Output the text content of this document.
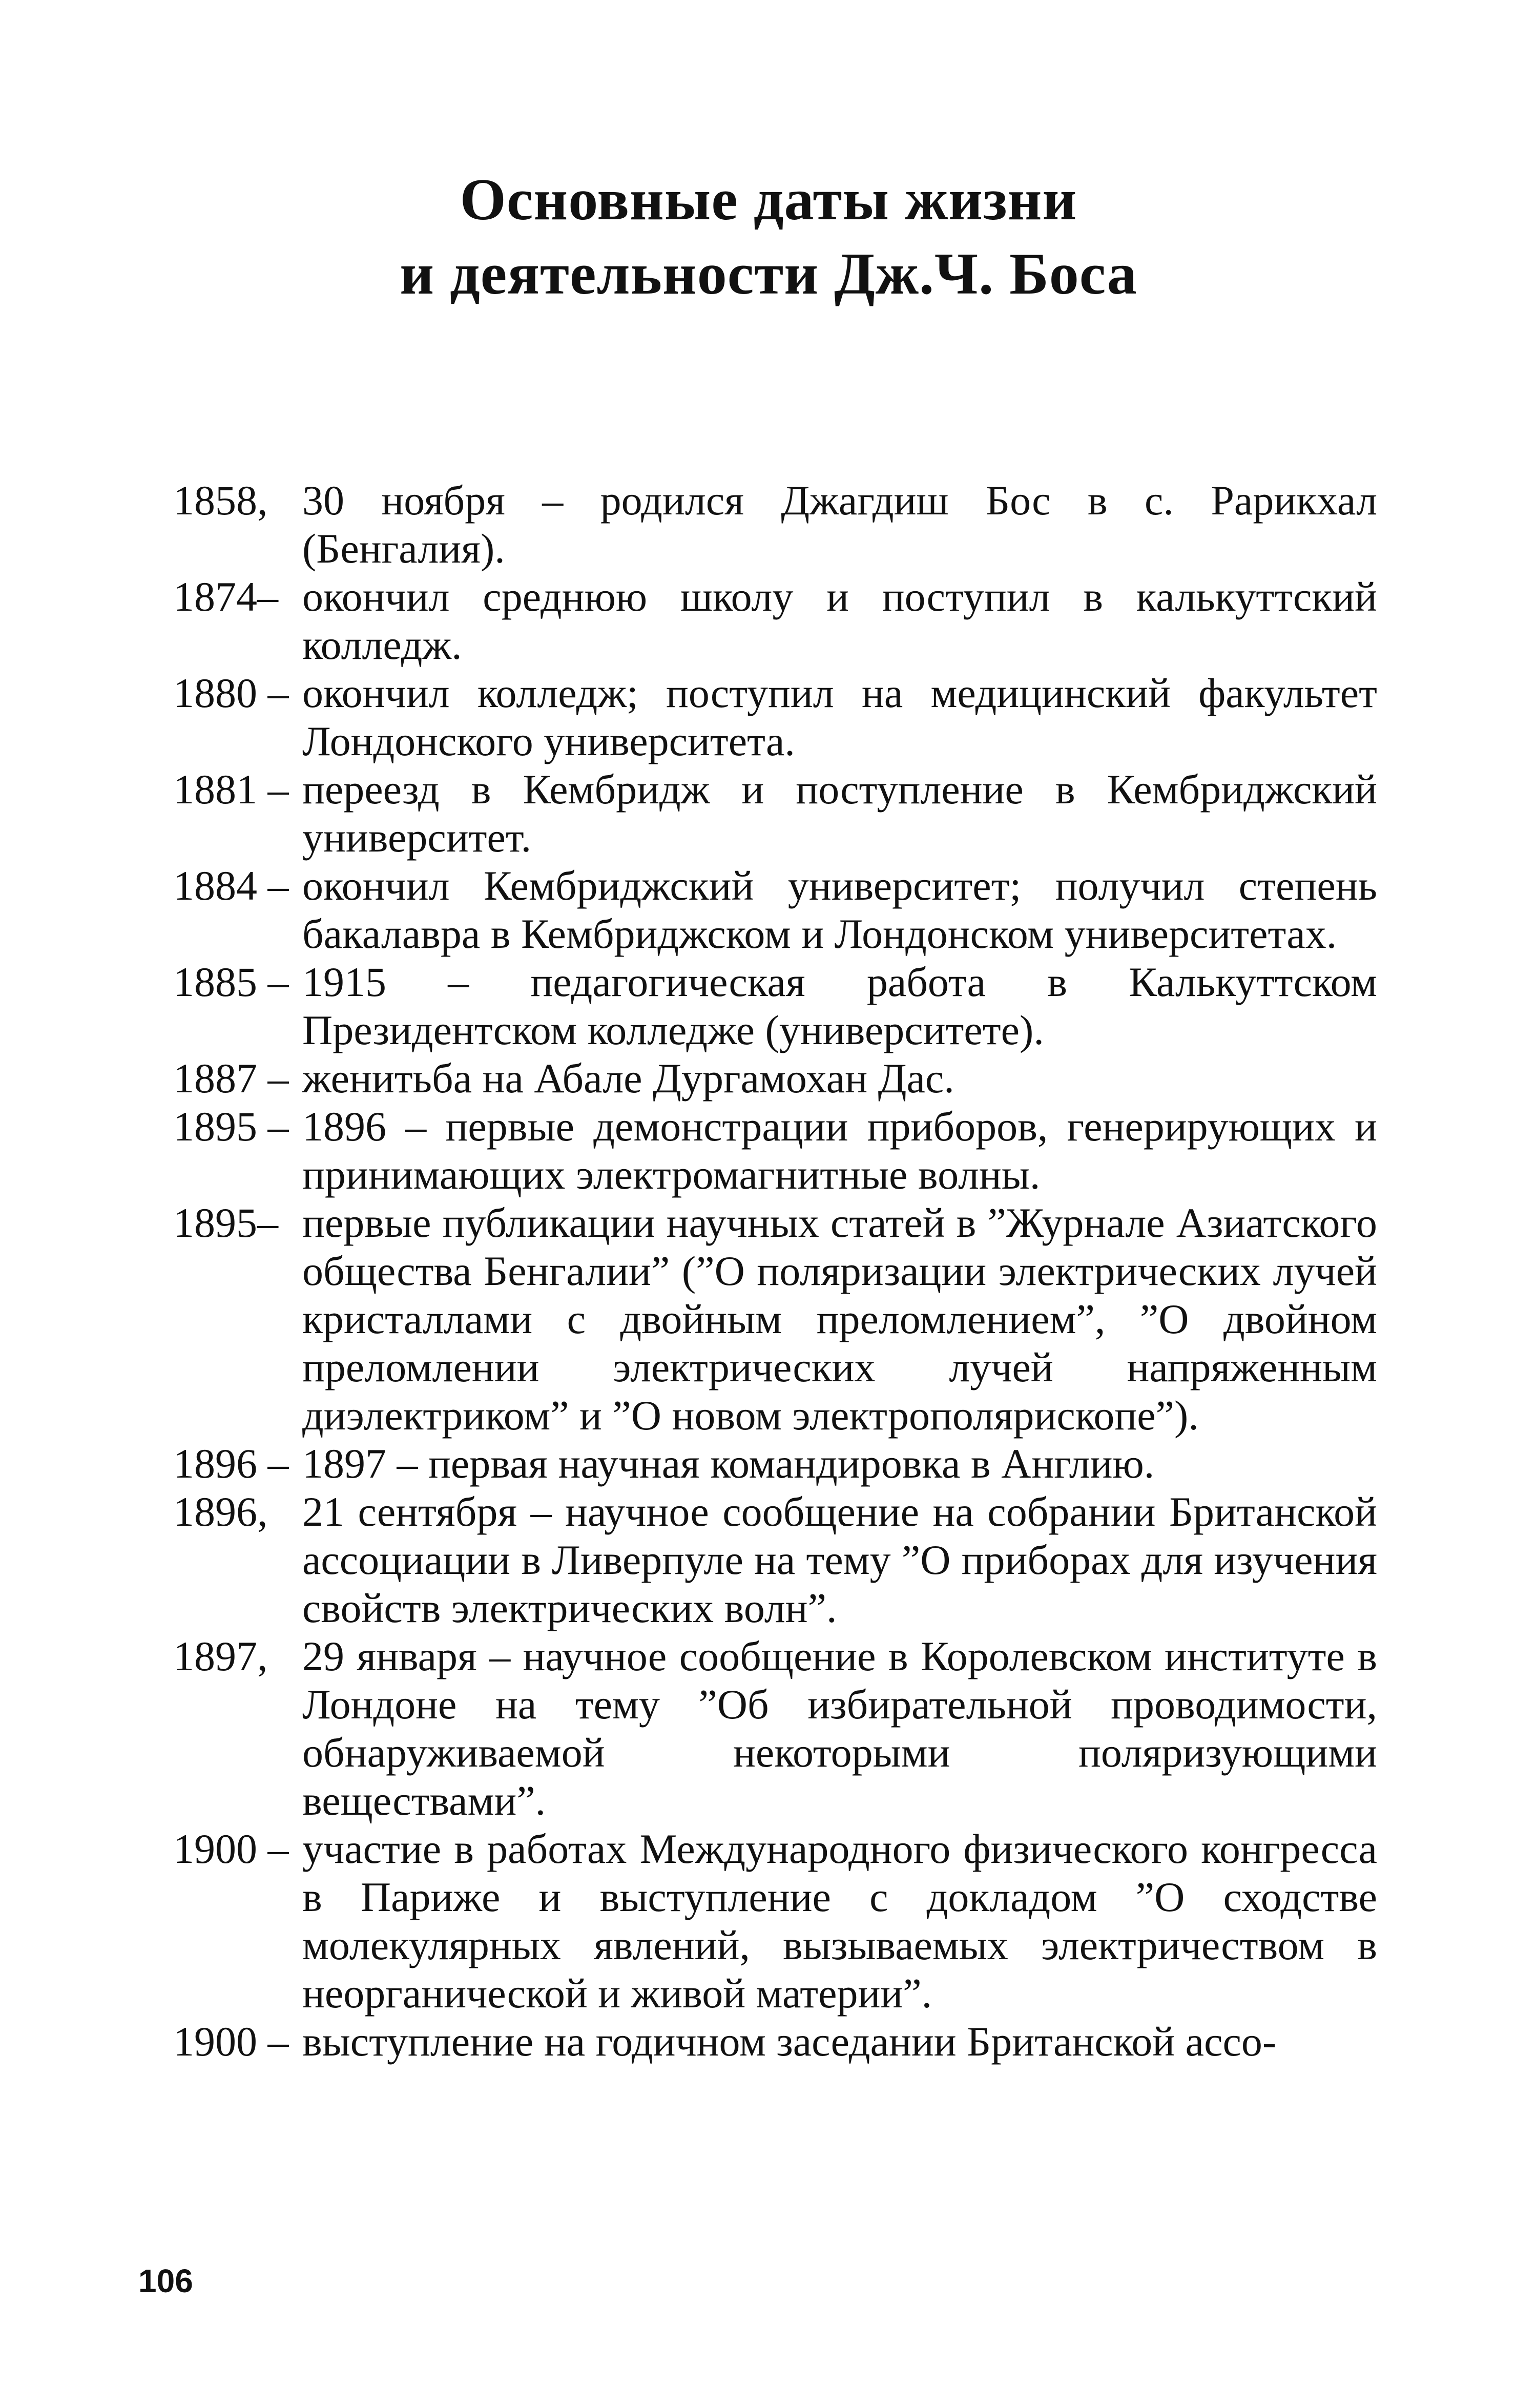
Основные даты жизни
и деятельности Дж.Ч. Боса
1858, 30 ноября – родился Джагдиш Бос в с. Рарикхал (Бенгалия).
1874– окончил среднюю школу и поступил в калькуттский колледж.
1880 – окончил колледж; поступил на медицинский факультет Лондонского университета.
1881 – переезд в Кембридж и поступление в Кембриджский университет.
1884 – окончил Кембриджский университет; получил степень бакалавра в Кембриджском и Лондонском университетах.
1885 – 1915 – педагогическая работа в Калькуттском Президентском колледже (университете).
1887 – женитьба на Абале Дургамохан Дас.
1895 – 1896 – первые демонстрации приборов, генерирующих и принимающих электромагнитные волны.
1895– первые публикации научных статей в ”Журнале Азиатского общества Бенгалии” (”О поляризации электрических лучей кристаллами с двойным преломлением”, ”О двойном преломлении электрических лучей напряженным диэлектриком” и ”О новом электрополярископе”).
1896 – 1897 – первая научная командировка в Англию.
1896, 21 сентября – научное сообщение на собрании Британской ассоциации в Ливерпуле на тему ”О приборах для изучения свойств электрических волн”.
1897, 29 января – научное сообщение в Королевском институте в Лондоне на тему ”Об избирательной проводимости, обнаруживаемой некоторыми поляризующими веществами”.
1900 – участие в работах Международного физического конгресса в Париже и выступление с докладом ”О сходстве молекулярных явлений, вызываемых электричеством в неорганической и живой материи”.
1900 – выступление на годичном заседании Британской ассо-
106
